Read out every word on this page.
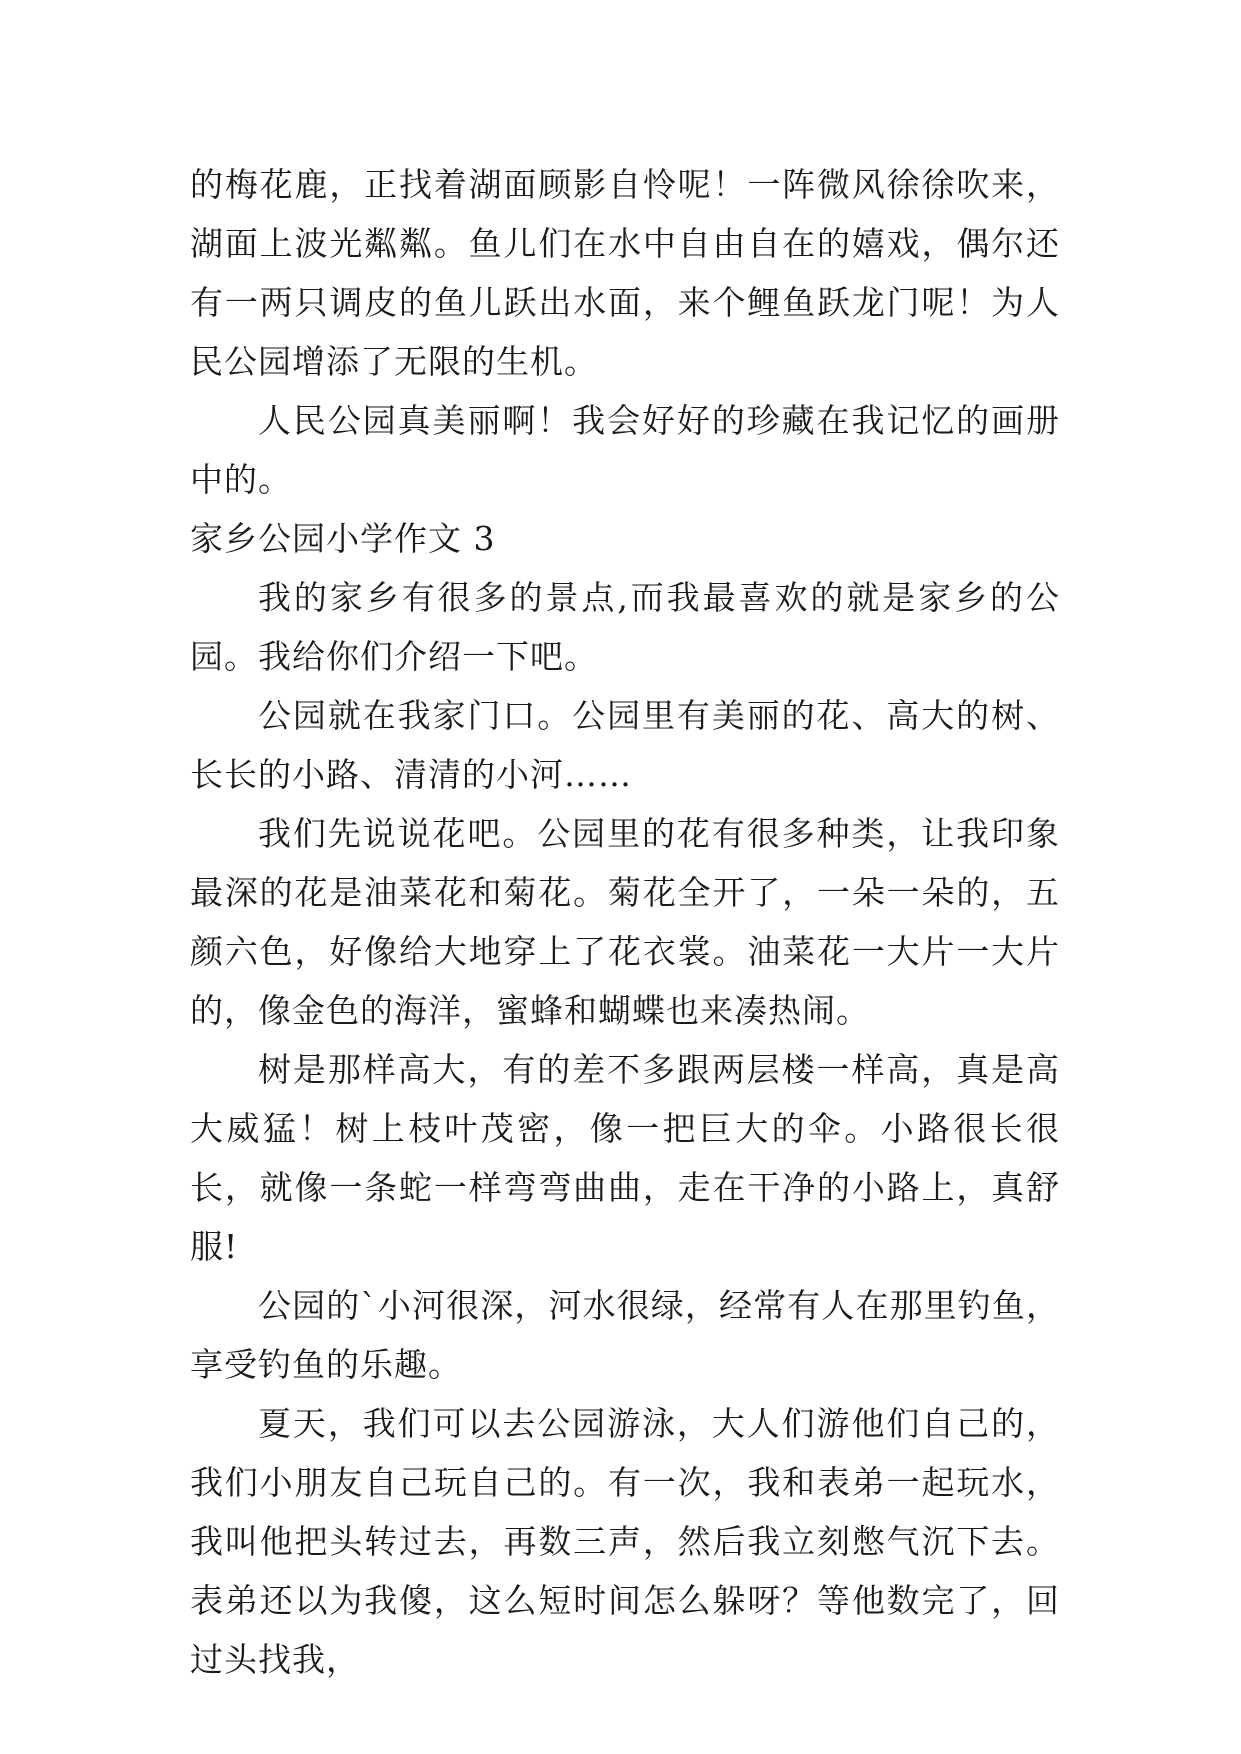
的梅花鹿，正找着湖面顾影自怜呢！一阵微风徐徐吹来，湖面上波光粼粼。鱼儿们在水中自由自在的嬉戏，偶尔还有一两只调皮的鱼儿跃出水面，来个鲤鱼跃龙门呢！为人民公园增添了无限的生机。

人民公园真美丽啊！我会好好的珍藏在我记忆的画册中的。

家乡公园小学作文 3

我的家乡有很多的景点,而我最喜欢的就是家乡的公园。我给你们介绍一下吧。

公园就在我家门口。公园里有美丽的花、高大的树、长长的小路、清清的小河……

我们先说说花吧。公园里的花有很多种类，让我印象最深的花是油菜花和菊花。菊花全开了，一朵一朵的，五颜六色，好像给大地穿上了花衣裳。油菜花一大片一大片的，像金色的海洋，蜜蜂和蝴蝶也来凑热闹。

树是那样高大，有的差不多跟两层楼一样高，真是高大威猛！树上枝叶茂密，像一把巨大的伞。小路很长很长，就像一条蛇一样弯弯曲曲，走在干净的小路上，真舒服!

公园的`小河很深，河水很绿，经常有人在那里钓鱼，享受钓鱼的乐趣。

夏天，我们可以去公园游泳，大人们游他们自己的，我们小朋友自己玩自己的。有一次，我和表弟一起玩水，我叫他把头转过去，再数三声，然后我立刻憋气沉下去。表弟还以为我傻，这么短时间怎么躲呀？等他数完了，回过头找我，
